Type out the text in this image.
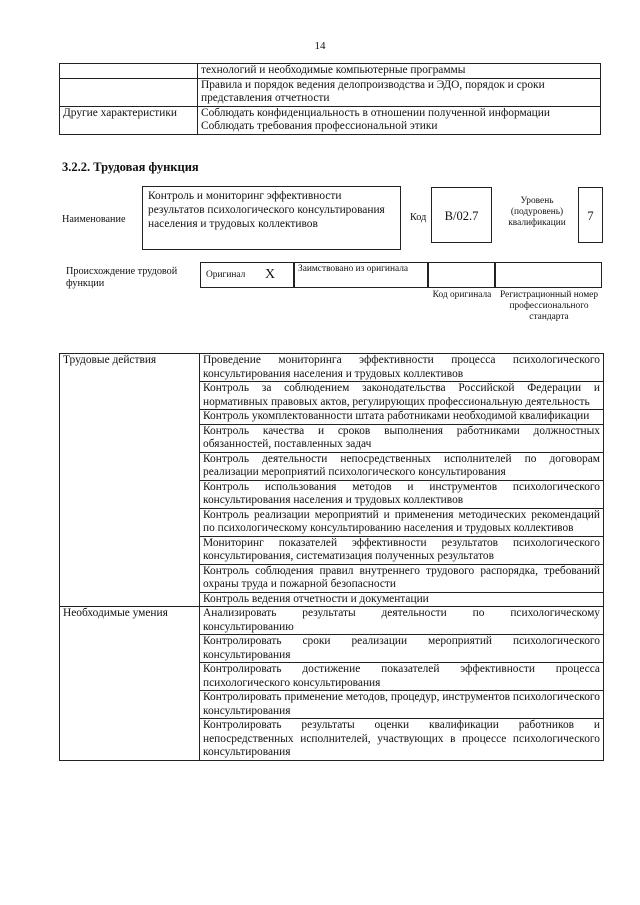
14
	технологий и необходимые компьютерные программы

	Правила и порядок ведения делопроизводства и ЭДО, порядок и сроки
представления отчетности

Другие характеристики	Соблюдать конфиденциальность в отношении полученной информации
Соблюдать требования профессиональной этики
3.2.2. Трудовая функция
Наименование
Контроль и мониторинг эффективности результатов психологического консультирования населения и трудовых коллективов
Код	B/02.7
Уровень (подуровень) квалификации	7
Происхождение трудовой функции
Оригинал X	Заимствовано из оригинала
Код оригинала Регистрационный номер профессионального стандарта
Трудовые действия	Проведение мониторинга эффективности процесса психологического консультирования населения и трудовых коллективов
	Контроль за соблюдением законодательства Российской Федерации и нормативных правовых актов, регулирующих профессиональную деятельность
	Контроль укомплектованности штата работниками необходимой квалификации
	Контроль качества и сроков выполнения работниками должностных обязанностей, поставленных задач
	Контроль деятельности непосредственных исполнителей по договорам реализации мероприятий психологического консультирования
	Контроль использования методов и инструментов психологического консультирования населения и трудовых коллективов
	Контроль реализации мероприятий и применения методических рекомендаций по психологическому консультированию населения и трудовых коллективов
	Мониторинг показателей эффективности результатов психологического консультирования, систематизация полученных результатов
	Контроль соблюдения правил внутреннего трудового распорядка, требований охраны труда и пожарной безопасности
	Контроль ведения отчетности и документации
Необходимые умения	Анализировать результаты деятельности по психологическому консультированию
	Контролировать сроки реализации мероприятий психологического консультирования
	Контролировать достижение показателей эффективности процесса психологического консультирования
	Контролировать применение методов, процедур, инструментов психологического консультирования
	Контролировать результаты оценки квалификации работников и непосредственных исполнителей, участвующих в процессе психологического консультирования
